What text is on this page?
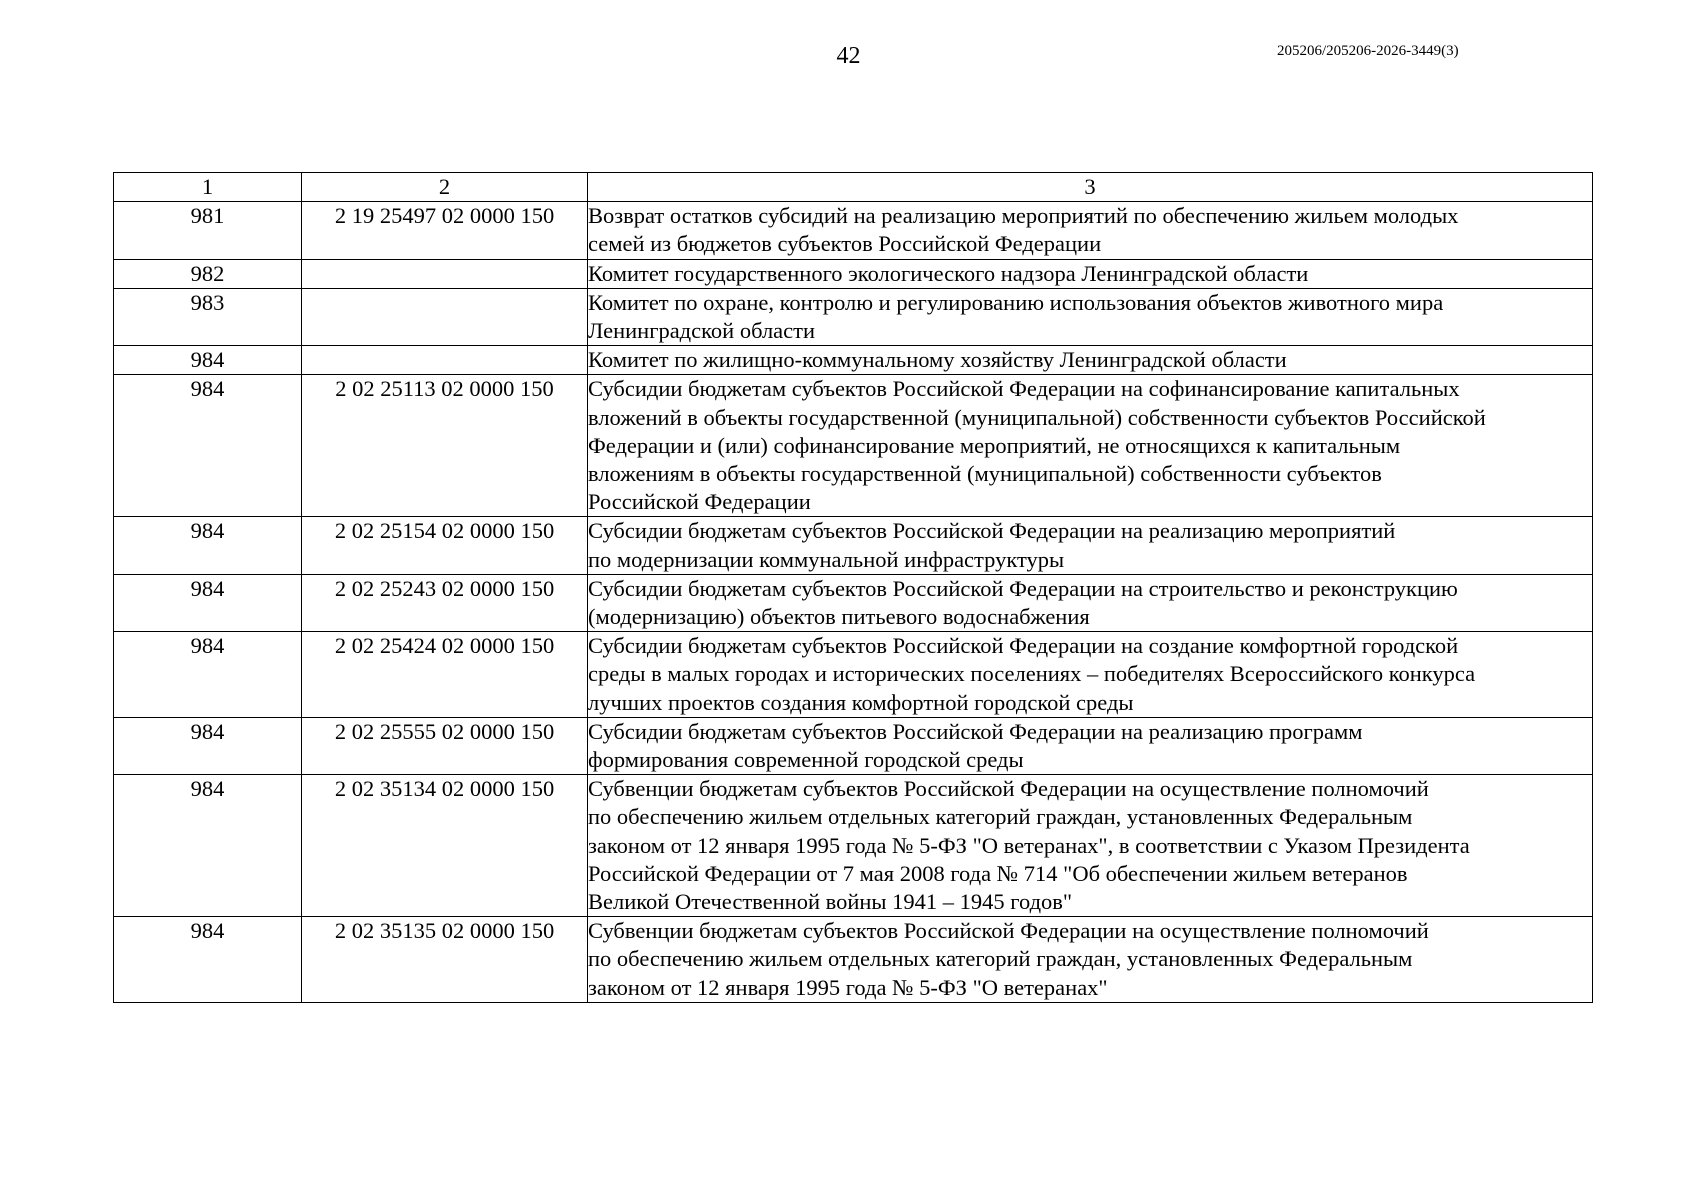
42	205206/205206-2026-3449(3)
1	2	3
981	2 19 25497 02 0000 150	Возврат остатков субсидий на реализацию мероприятий по обеспечению жильем молодых
семей из бюджетов субъектов Российской Федерации

982		Комитет государственного экологического надзора Ленинградской области

983		Комитет по охране, контролю и регулированию использования объектов животного мира
Ленинградской области

984		Комитет по жилищно-коммунальному хозяйству Ленинградской области

984	2 02 25113 02 0000 150	Субсидии бюджетам субъектов Российской Федерации на софинансирование капитальных
вложений в объекты государственной (муниципальной) собственности субъектов Российской
Федерации и (или) софинансирование мероприятий, не относящихся к капитальным
вложениям в объекты государственной (муниципальной) собственности субъектов
Российской Федерации

984	2 02 25154 02 0000 150	Субсидии бюджетам субъектов Российской Федерации на реализацию мероприятий
по модернизации коммунальной инфраструктуры

984	2 02 25243 02 0000 150	Субсидии бюджетам субъектов Российской Федерации на строительство и реконструкцию
(модернизацию) объектов питьевого водоснабжения

984	2 02 25424 02 0000 150	Субсидии бюджетам субъектов Российской Федерации на создание комфортной городской
среды в малых городах и исторических поселениях – победителях Всероссийского конкурса
лучших проектов создания комфортной городской среды

984	2 02 25555 02 0000 150	Субсидии бюджетам субъектов Российской Федерации на реализацию программ
формирования современной городской среды

984	2 02 35134 02 0000 150	Субвенции бюджетам субъектов Российской Федерации на осуществление полномочий
по обеспечению жильем отдельных категорий граждан, установленных Федеральным
законом от 12 января 1995 года № 5-ФЗ "О ветеранах", в соответствии с Указом Президента
Российской Федерации от 7 мая 2008 года № 714 "Об обеспечении жильем ветеранов
Великой Отечественной войны 1941 – 1945 годов"

984	2 02 35135 02 0000 150	Субвенции бюджетам субъектов Российской Федерации на осуществление полномочий
по обеспечению жильем отдельных категорий граждан, установленных Федеральным
законом от 12 января 1995 года № 5-ФЗ "О ветеранах"
